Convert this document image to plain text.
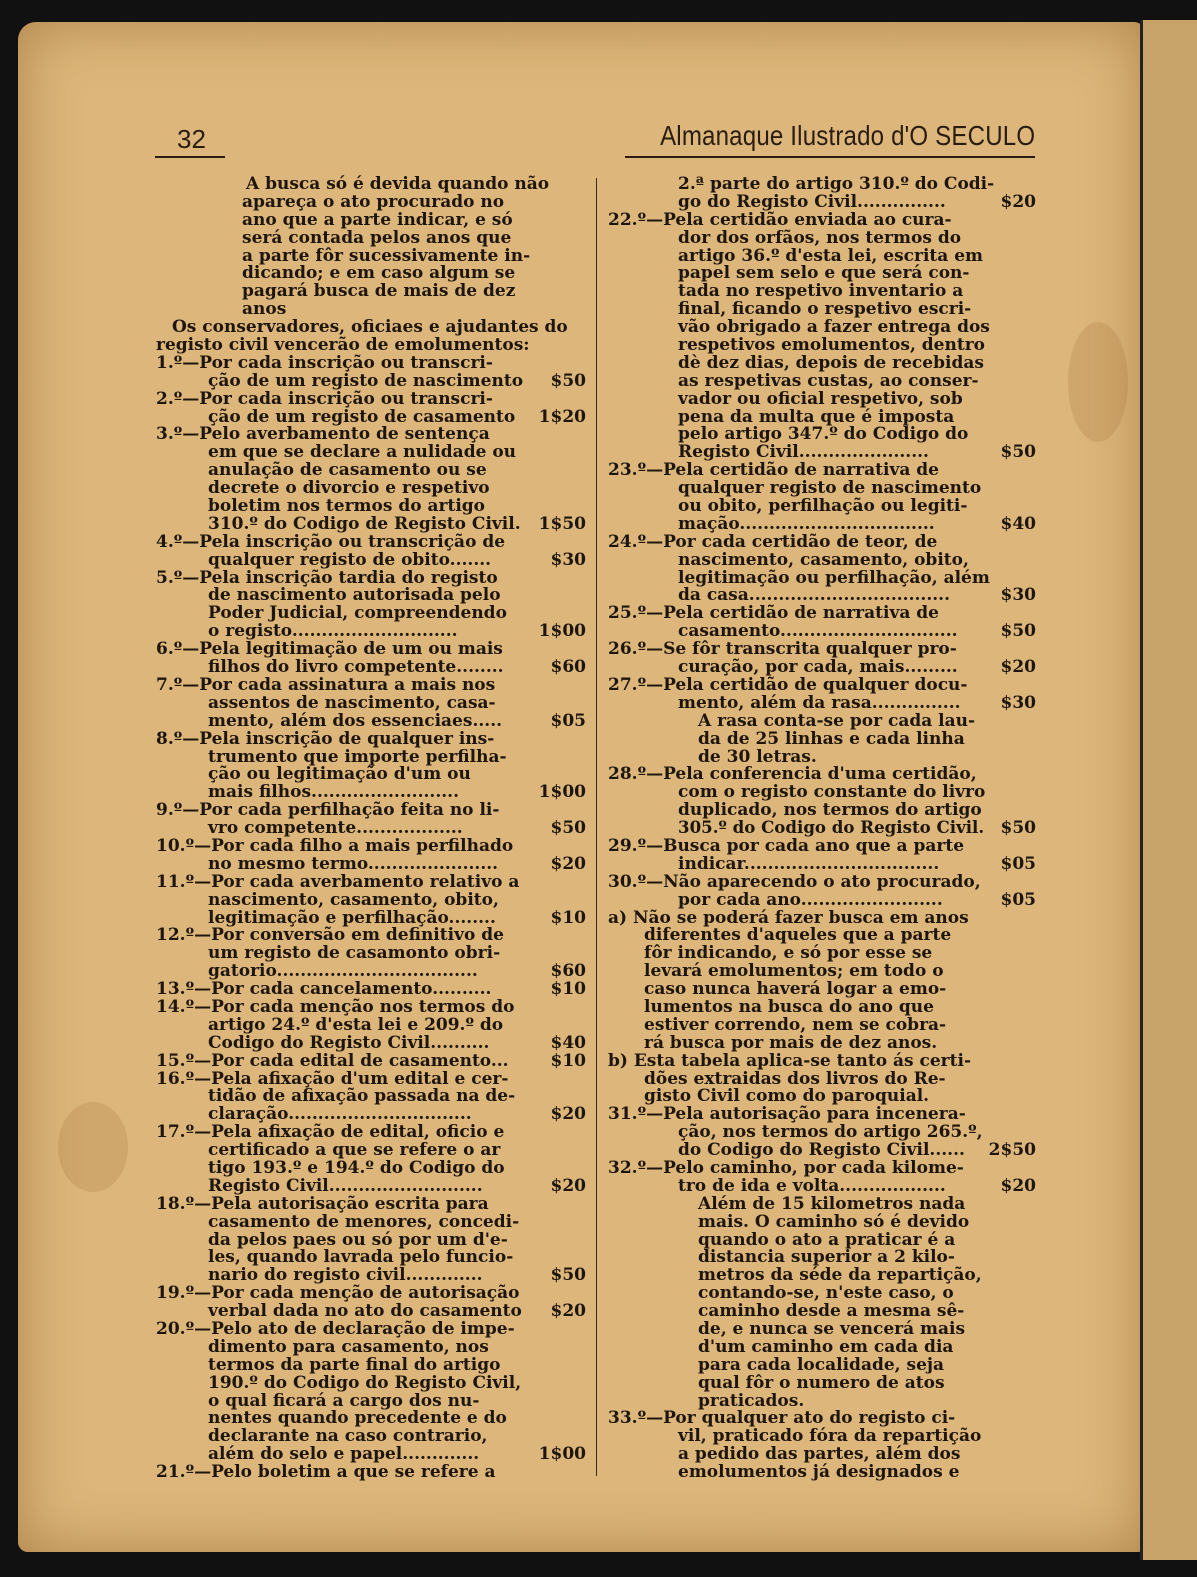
32	Almanaque Ilustrado d'O SECULO
A busca só é devida quando não
apareça o ato procurado no
ano que a parte indicar, e só
será contada pelos anos que
a parte fôr sucessivamente in-
dicando; e em caso algum se
pagará busca de mais de dez
anos
Os conservadores, oficiaes e ajudantes do
registo civil vencerão de emolumentos:
1.º—Por cada inscrição ou transcri-
ção de um registo de nascimento $50
2.º—Por cada inscrição ou transcri-
ção de um registo de casamento 1$20
3.º—Pelo averbamento de sentença
em que se declare a nulidade ou
anulação de casamento ou se
decrete o divorcio e respetivo
boletim nos termos do artigo
310.º do Codigo de Registo Civil. 1$50
4.º—Pela inscrição ou transcrição de
qualquer registo de obito.......	$30
5.º—Pela inscrição tardia do registo
de nascimento autorisada pelo
Poder Judicial, compreendendo
o registo............................	1$00
6.º—Pela legitimação de um ou mais
filhos do livro competente........	$60
7.º—Por cada assinatura a mais nos
assentos de nascimento, casa-
mento, além dos essenciaes.....	$05
8.º—Pela inscrição de qualquer ins-
trumento que importe perfilha-
ção ou legitimação d'um ou
mais filhos.........................	1$00
9.º—Por cada perfilhação feita no li-
vro competente..................	$50
10.º—Por cada filho a mais perfilhado
no mesmo termo......................	$20
11.º—Por cada averbamento relativo a
nascimento, casamento, obito,
legitimação e perfilhação........	$10
12.º—Por conversão em definitivo de
um registo de casamonto obri-
gatorio..................................	$60
13.º—Por cada cancelamento..........	$10
14.º—Por cada menção nos termos do
artigo 24.º d'esta lei e 209.º do
Codigo do Registo Civil..........	$40
15.º—Por cada edital de casamento... $10
16.º—Pela afixação d'um edital e cer-
tidão de afixação passada na de-
claração...............................	$20
17.º—Pela afixação de edital, oficio e
certificado a que se refere o ar
tigo 193.º e 194.º do Codigo do
Registo Civil..........................	$20
18.º—Pela autorisação escrita para
casamento de menores, concedi-
da pelos paes ou só por um d'e-
les, quando lavrada pelo funcio-
nario do registo civil.............	$50
19.º—Por cada menção de autorisação
verbal dada no ato do casamento $20
20.º—Pelo ato de declaração de impe-
dimento para casamento, nos
termos da parte final do artigo
190.º do Codigo do Registo Civil,
o qual ficará a cargo dos nu-
nentes quando precedente e do
declarante na caso contrario,
além do selo e papel.............	1$00
21.º—Pelo boletim a que se refere a
2.ª parte do artigo 310.º do Codi-
go do Registo Civil...............	$20
22.º—Pela certidão enviada ao cura-
dor dos orfãos, nos termos do
artigo 36.º d'esta lei, escrita em
papel sem selo e que será con-
tada no respetivo inventario a
final, ficando o respetivo escri-
vão obrigado a fazer entrega dos
respetivos emolumentos, dentro
dè dez dias, depois de recebidas
as respetivas custas, ao conser-
vador ou oficial respetivo, sob
pena da multa que é imposta
pelo artigo 347.º do Codigo do
Registo Civil......................	$50
23.º—Pela certidão de narrativa de
qualquer registo de nascimento
ou obito, perfilhação ou legiti-
mação.................................	$40
24.º—Por cada certidão de teor, de
nascimento, casamento, obito,
legitimação ou perfilhação, além
da casa..................................	$30
25.º—Pela certidão de narrativa de
casamento..............................	$50
26.º—Se fôr transcrita qualquer pro-
curação, por cada, mais.........	$20
27.º—Pela certidão de qualquer docu-
mento, além da rasa............... $30
A rasa conta-se por cada lau-
da de 25 linhas e cada linha
de 30 letras.
28.º—Pela conferencia d'uma certidão,
com o registo constante do livro
duplicado, nos termos do artigo
305.º do Codigo do Registo Civil. $50
29.º—Busca por cada ano que a parte
indicar.................................	$05
30.º—Não aparecendo o ato procurado,
por cada ano........................	$05
a) Não se poderá fazer busca em anos
diferentes d'aqueles que a parte
fôr indicando, e só por esse se
levará emolumentos; em todo o
caso nunca haverá logar a emo-
lumentos na busca do ano que
estiver correndo, nem se cobra-
rá busca por mais de dez anos.
b) Esta tabela aplica-se tanto ás certi-
dões extraidas dos livros do Re-
gisto Civil como do paroquial.
31.º—Pela autorisação para incenera-
ção, nos termos do artigo 265.º,
do Codigo do Registo Civil...... 2$50
32.º—Pelo caminho, por cada kilome-
tro de ida e volta..................	$20
Além de 15 kilometros nada
mais. O caminho só é devido
quando o ato a praticar é a
distancia superior a 2 kilo-
metros da séde da repartição,
contando-se, n'este caso, o
caminho desde a mesma sê-
de, e nunca se vencerá mais
d'um caminho em cada dia
para cada localidade, seja
qual fôr o numero de atos
praticados.
33.º—Por qualquer ato do registo ci-
vil, praticado fóra da repartição
a pedido das partes, além dos
emolumentos já designados e
